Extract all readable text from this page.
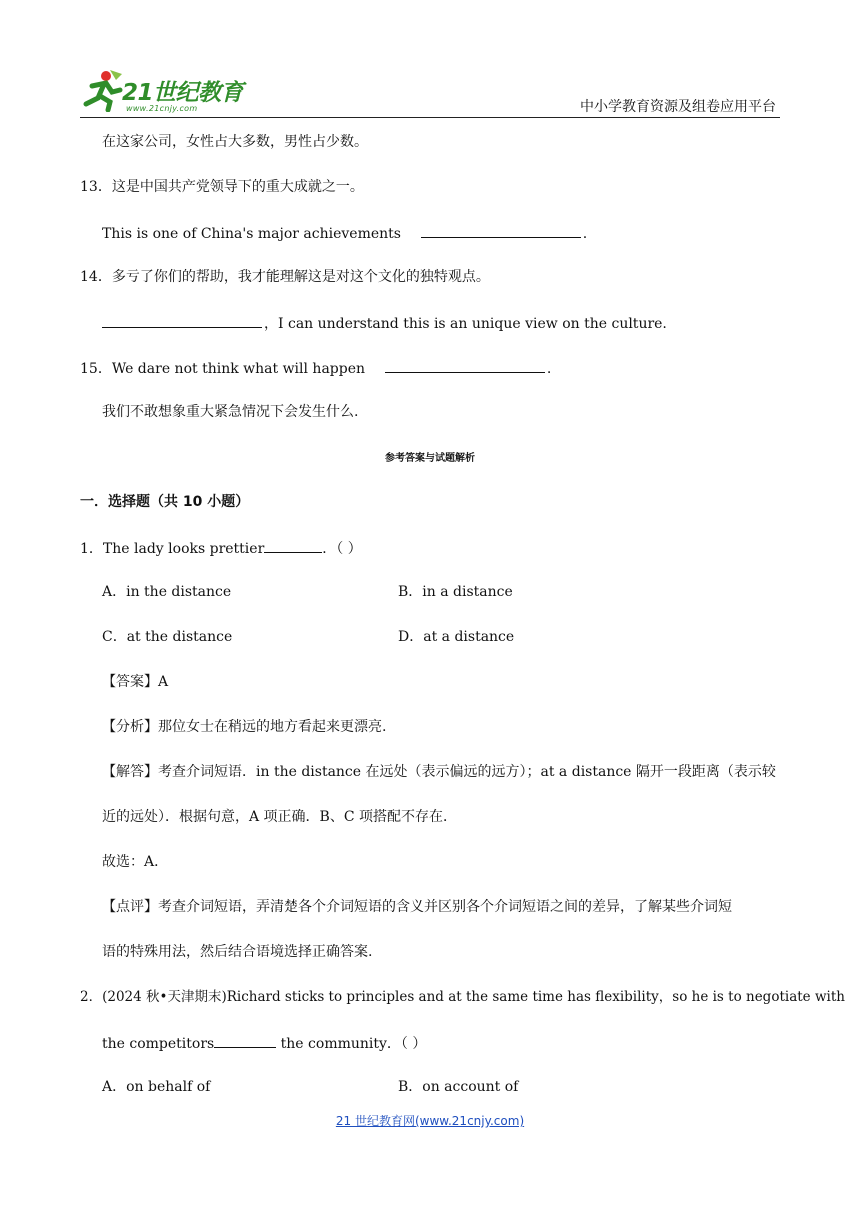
21世纪教育
www.21cnjy.com	中小学教育资源及组卷应用平台
在这家公司，女性占大多数，男性占少数。
13．这是中国共产党领导下的重大成就之一。
This is one of China's major achievements	.
14．多亏了你们的帮助，我才能理解这是对这个文化的独特观点。
，I can understand this is an unique view on the culture.
15．We dare not think what will happen	.
我们不敢想象重大紧急情况下会发生什么.
参考答案与试题解析
一．选择题（共 10 小题）
1．The lady looks prettier	．（ ）
A．in the distance	B．in a distance
C．at the distance	D．at a distance
【答案】A
【分析】那位女士在稍远的地方看起来更漂亮.
【解答】考查介词短语．in the distance 在远处（表示偏远的远方）；at a distance 隔开一段距离（表示较
近的远处）．根据句意，A 项正确．B、C 项搭配不存在．
故选：A．
【点评】考查介词短语，弄清楚各个介词短语的含义并区别各个介词短语之间的差异，了解某些介词短
语的特殊用法，然后结合语境选择正确答案.
2．(2024 秋•天津期末)Richard sticks to principles and at the same time has flexibility，so he is to negotiate with
the competitors	the community．（ ）
A．on behalf of	B．on account of
21 世纪教育网(www.21cnjy.com)
